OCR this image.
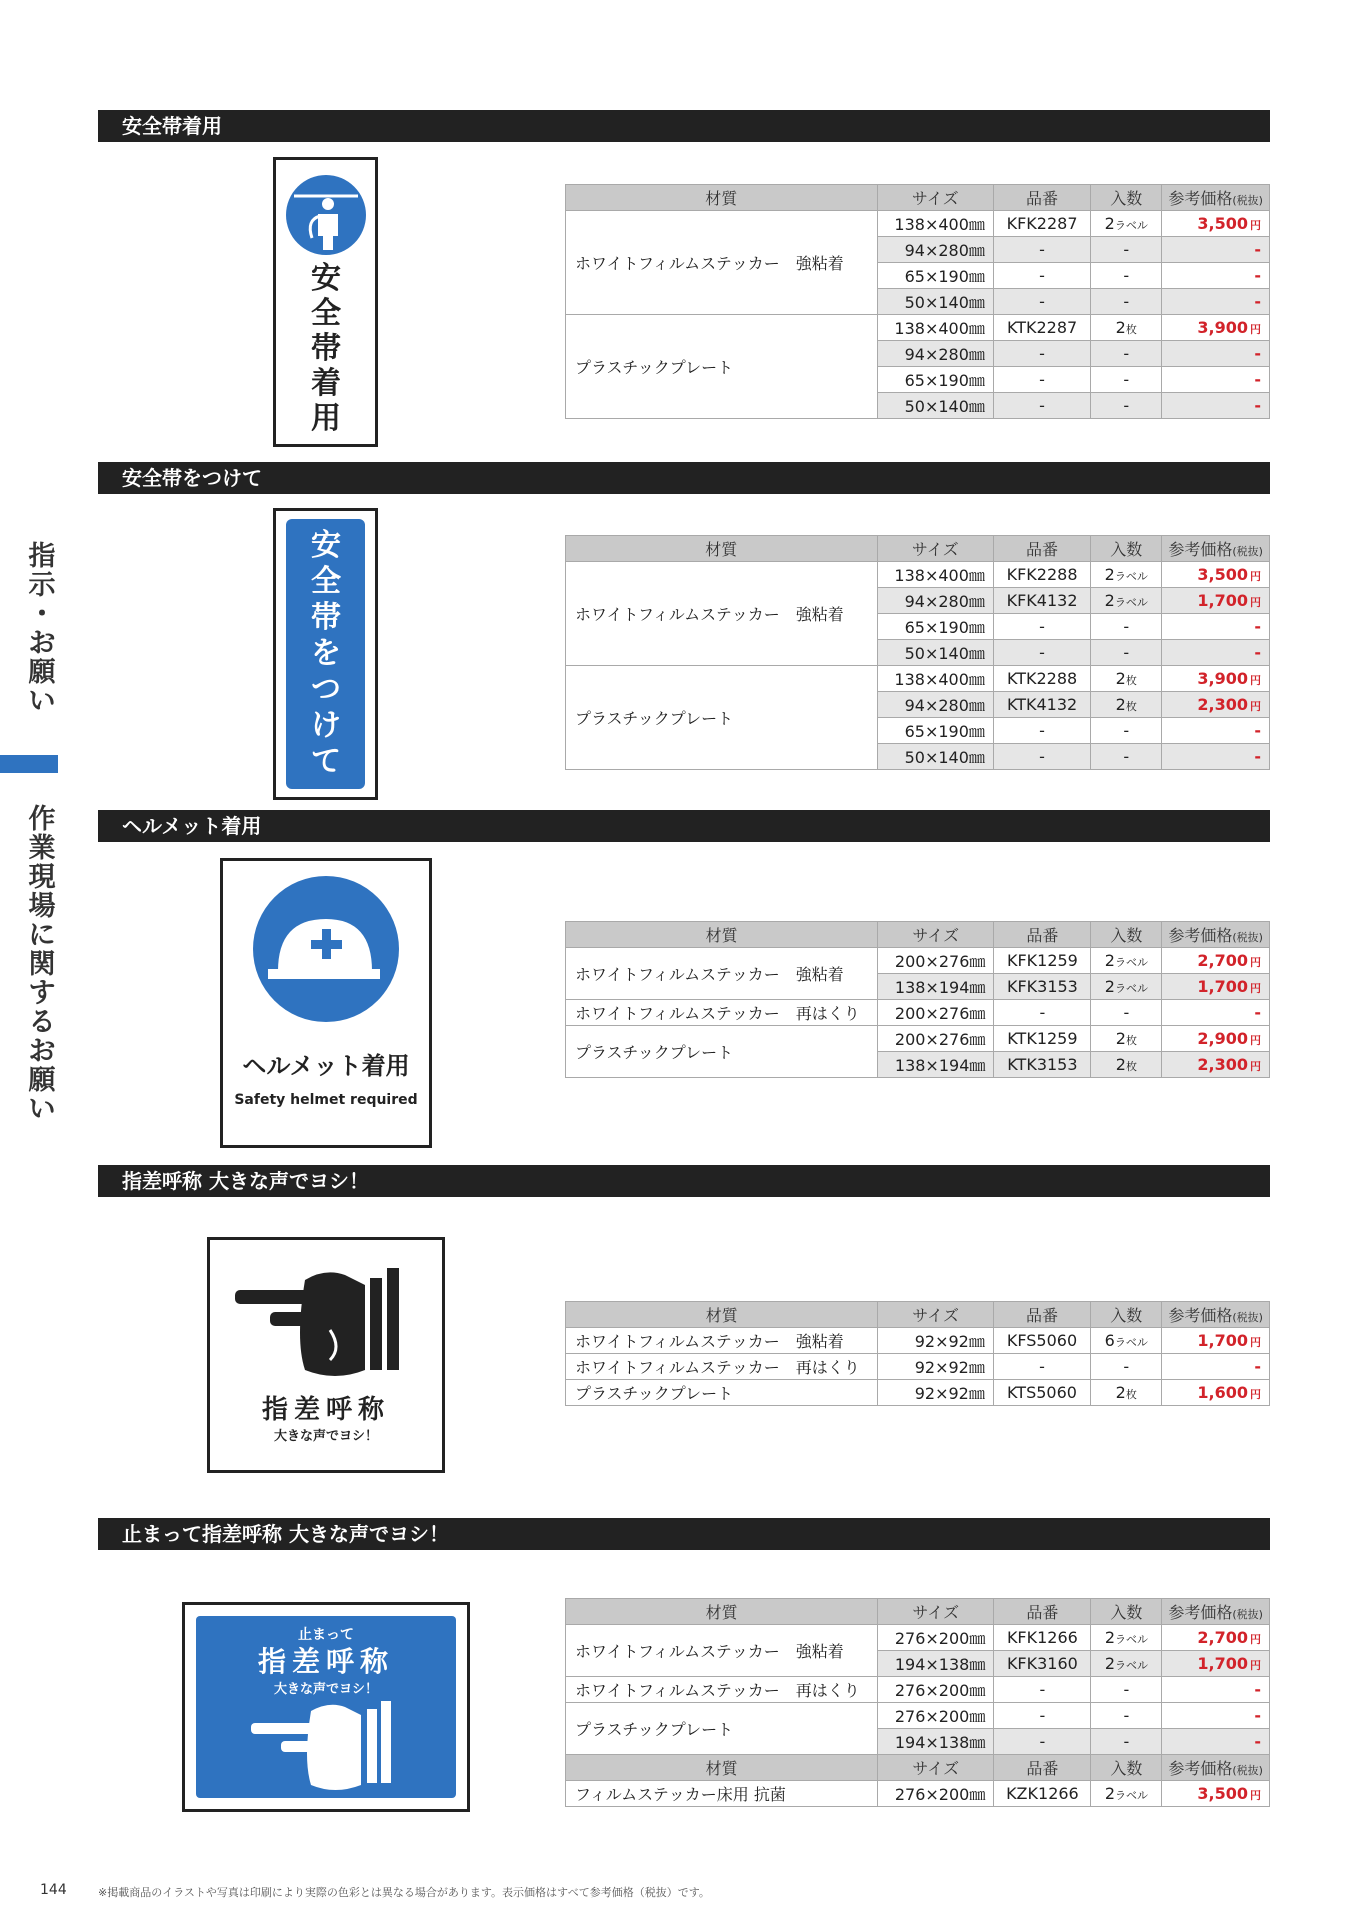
指
示
・
お
願
い
作
業
現
場
に
関
す
る
お
願
い
安全帯着用
安全帯をつけて
ヘルメット着用
指差呼称 大きな声でヨシ！
止まって指差呼称 大きな声でヨシ！
安
全
帯
着
用
安
全
帯
を
つ
け
て
ヘルメット着用
Safety helmet required
指差呼称
大きな声でヨシ！
止まって
指差呼称
大きな声でヨシ！
材質	サイズ	品番	入数	参考価格(税抜)
ホワイトフィルムステッカー　強粘着	138×400㎜	KFK2287	2ラベル	3,500 円
	94×280㎜	-	-	-
	65×190㎜	-	-	-
	50×140㎜	-	-	-
プラスチックプレート	138×400㎜	KTK2287	2枚	3,900 円
	94×280㎜	-	-	-
	65×190㎜	-	-	-
	50×140㎜	-	-	-
材質	サイズ	品番	入数	参考価格(税抜)
ホワイトフィルムステッカー　強粘着	138×400㎜	KFK2288	2ラベル	3,500 円
	94×280㎜	KFK4132	2ラベル	1,700 円
	65×190㎜	-	-	-
	50×140㎜	-	-	-
プラスチックプレート	138×400㎜	KTK2288	2枚	3,900 円
	94×280㎜	KTK4132	2枚	2,300 円
	65×190㎜	-	-	-
	50×140㎜	-	-	-
材質	サイズ	品番	入数	参考価格(税抜)
ホワイトフィルムステッカー　強粘着	200×276㎜	KFK1259	2ラベル	2,700 円
	138×194㎜	KFK3153	2ラベル	1,700 円
ホワイトフィルムステッカー　再はくり	200×276㎜	-	-	-
プラスチックプレート	200×276㎜	KTK1259	2枚	2,900 円
	138×194㎜	KTK3153	2枚	2,300 円
材質	サイズ	品番	入数	参考価格(税抜)
ホワイトフィルムステッカー　強粘着	92×92㎜	KFS5060	6ラベル	1,700 円
ホワイトフィルムステッカー　再はくり	92×92㎜	-	-	-
プラスチックプレート	92×92㎜	KTS5060	2枚	1,600 円
材質	サイズ	品番	入数	参考価格(税抜)
ホワイトフィルムステッカー　強粘着	276×200㎜	KFK1266	2ラベル	2,700 円
	194×138㎜	KFK3160	2ラベル	1,700 円
ホワイトフィルムステッカー　再はくり	276×200㎜	-	-	-
プラスチックプレート	276×200㎜	-	-	-
	194×138㎜	-	-	-
材質	サイズ	品番	入数	参考価格(税抜)
フィルムステッカー床用 抗菌	276×200㎜	KZK1266	2ラベル	3,500 円
144	※掲載商品のイラストや写真は印刷により実際の色彩とは異なる場合があります。表示価格はすべて参考価格（税抜）です。
